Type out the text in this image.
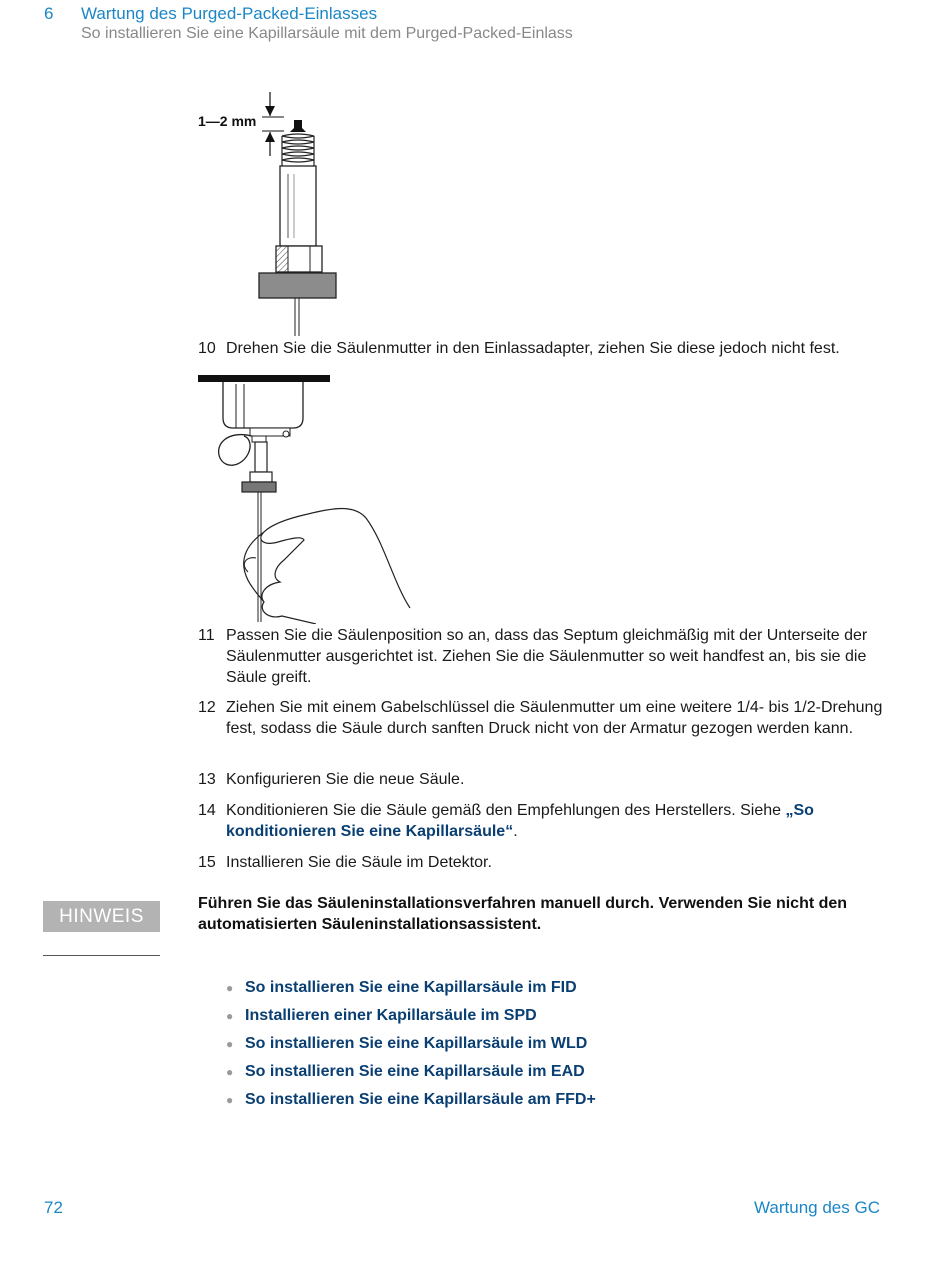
6 Wartung des Purged-Packed-Einlasses
So installieren Sie eine Kapillarsäule mit dem Purged-Packed-Einlass
1—2 mm
10 Drehen Sie die Säulenmutter in den Einlassadapter, ziehen Sie diese jedoch nicht fest.
11 Passen Sie die Säulenposition so an, dass das Septum gleichmäßig mit der Unterseite der Säulenmutter ausgerichtet ist. Ziehen Sie die Säulenmutter so weit handfest an, bis sie die Säule greift.
12 Ziehen Sie mit einem Gabelschlüssel die Säulenmutter um eine weitere 1/4- bis 1/2-Drehung fest, sodass die Säule durch sanften Druck nicht von der Armatur gezogen werden kann.
13 Konfigurieren Sie die neue Säule.
14 Konditionieren Sie die Säule gemäß den Empfehlungen des Herstellers. Siehe „So konditionieren Sie eine Kapillarsäule“.
15 Installieren Sie die Säule im Detektor.
HINWEIS
Führen Sie das Säuleninstallationsverfahren manuell durch. Verwenden Sie nicht den automatisierten Säuleninstallationsassistent.
● So installieren Sie eine Kapillarsäule im FID
● Installieren einer Kapillarsäule im SPD
● So installieren Sie eine Kapillarsäule im WLD
● So installieren Sie eine Kapillarsäule im EAD
● So installieren Sie eine Kapillarsäule am FFD+
72	Wartung des GC
